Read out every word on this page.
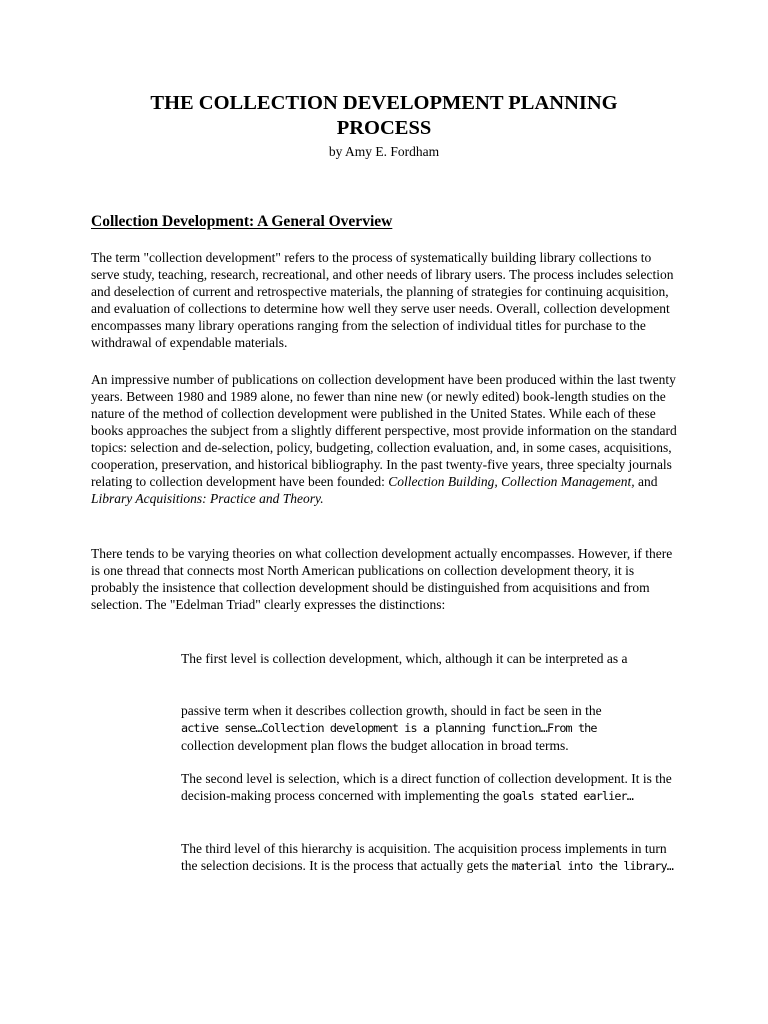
THE COLLECTION DEVELOPMENT PLANNING
PROCESS

by Amy E. Fordham

Collection Development: A General Overview

The term "collection development" refers to the process of systematically building library collections to serve study, teaching, research, recreational, and other needs of library users. The process includes selection and deselection of current and retrospective materials, the planning of strategies for continuing acquisition, and evaluation of collections to determine how well they serve user needs. Overall, collection development encompasses many library operations ranging from the selection of individual titles for purchase to the withdrawal of expendable materials.

An impressive number of publications on collection development have been produced within the last twenty years. Between 1980 and 1989 alone, no fewer than nine new (or newly edited) book-length studies on the nature of the method of collection development were published in the United States. While each of these books approaches the subject from a slightly different perspective, most provide information on the standard topics: selection and de-selection, policy, budgeting, collection evaluation, and, in some cases, acquisitions, cooperation, preservation, and historical bibliography. In the past twenty-five years, three specialty journals relating to collection development have been founded: Collection Building, Collection Management, and Library Acquisitions: Practice and Theory.

There tends to be varying theories on what collection development actually encompasses. However, if there is one thread that connects most North American publications on collection development theory, it is probably the insistence that collection development should be distinguished from acquisitions and from selection. The "Edelman Triad" clearly expresses the distinctions:

The first level is collection development, which, although it can be interpreted as a

passive term when it describes collection growth, should in fact be seen in the
active sense…Collection development is a planning function…From the
collection development plan flows the budget allocation in broad terms.

The second level is selection, which is a direct function of collection development. It is the decision-making process concerned with implementing the goals stated earlier…

The third level of this hierarchy is acquisition. The acquisition process implements in turn the selection decisions. It is the process that actually gets the material into the library…
